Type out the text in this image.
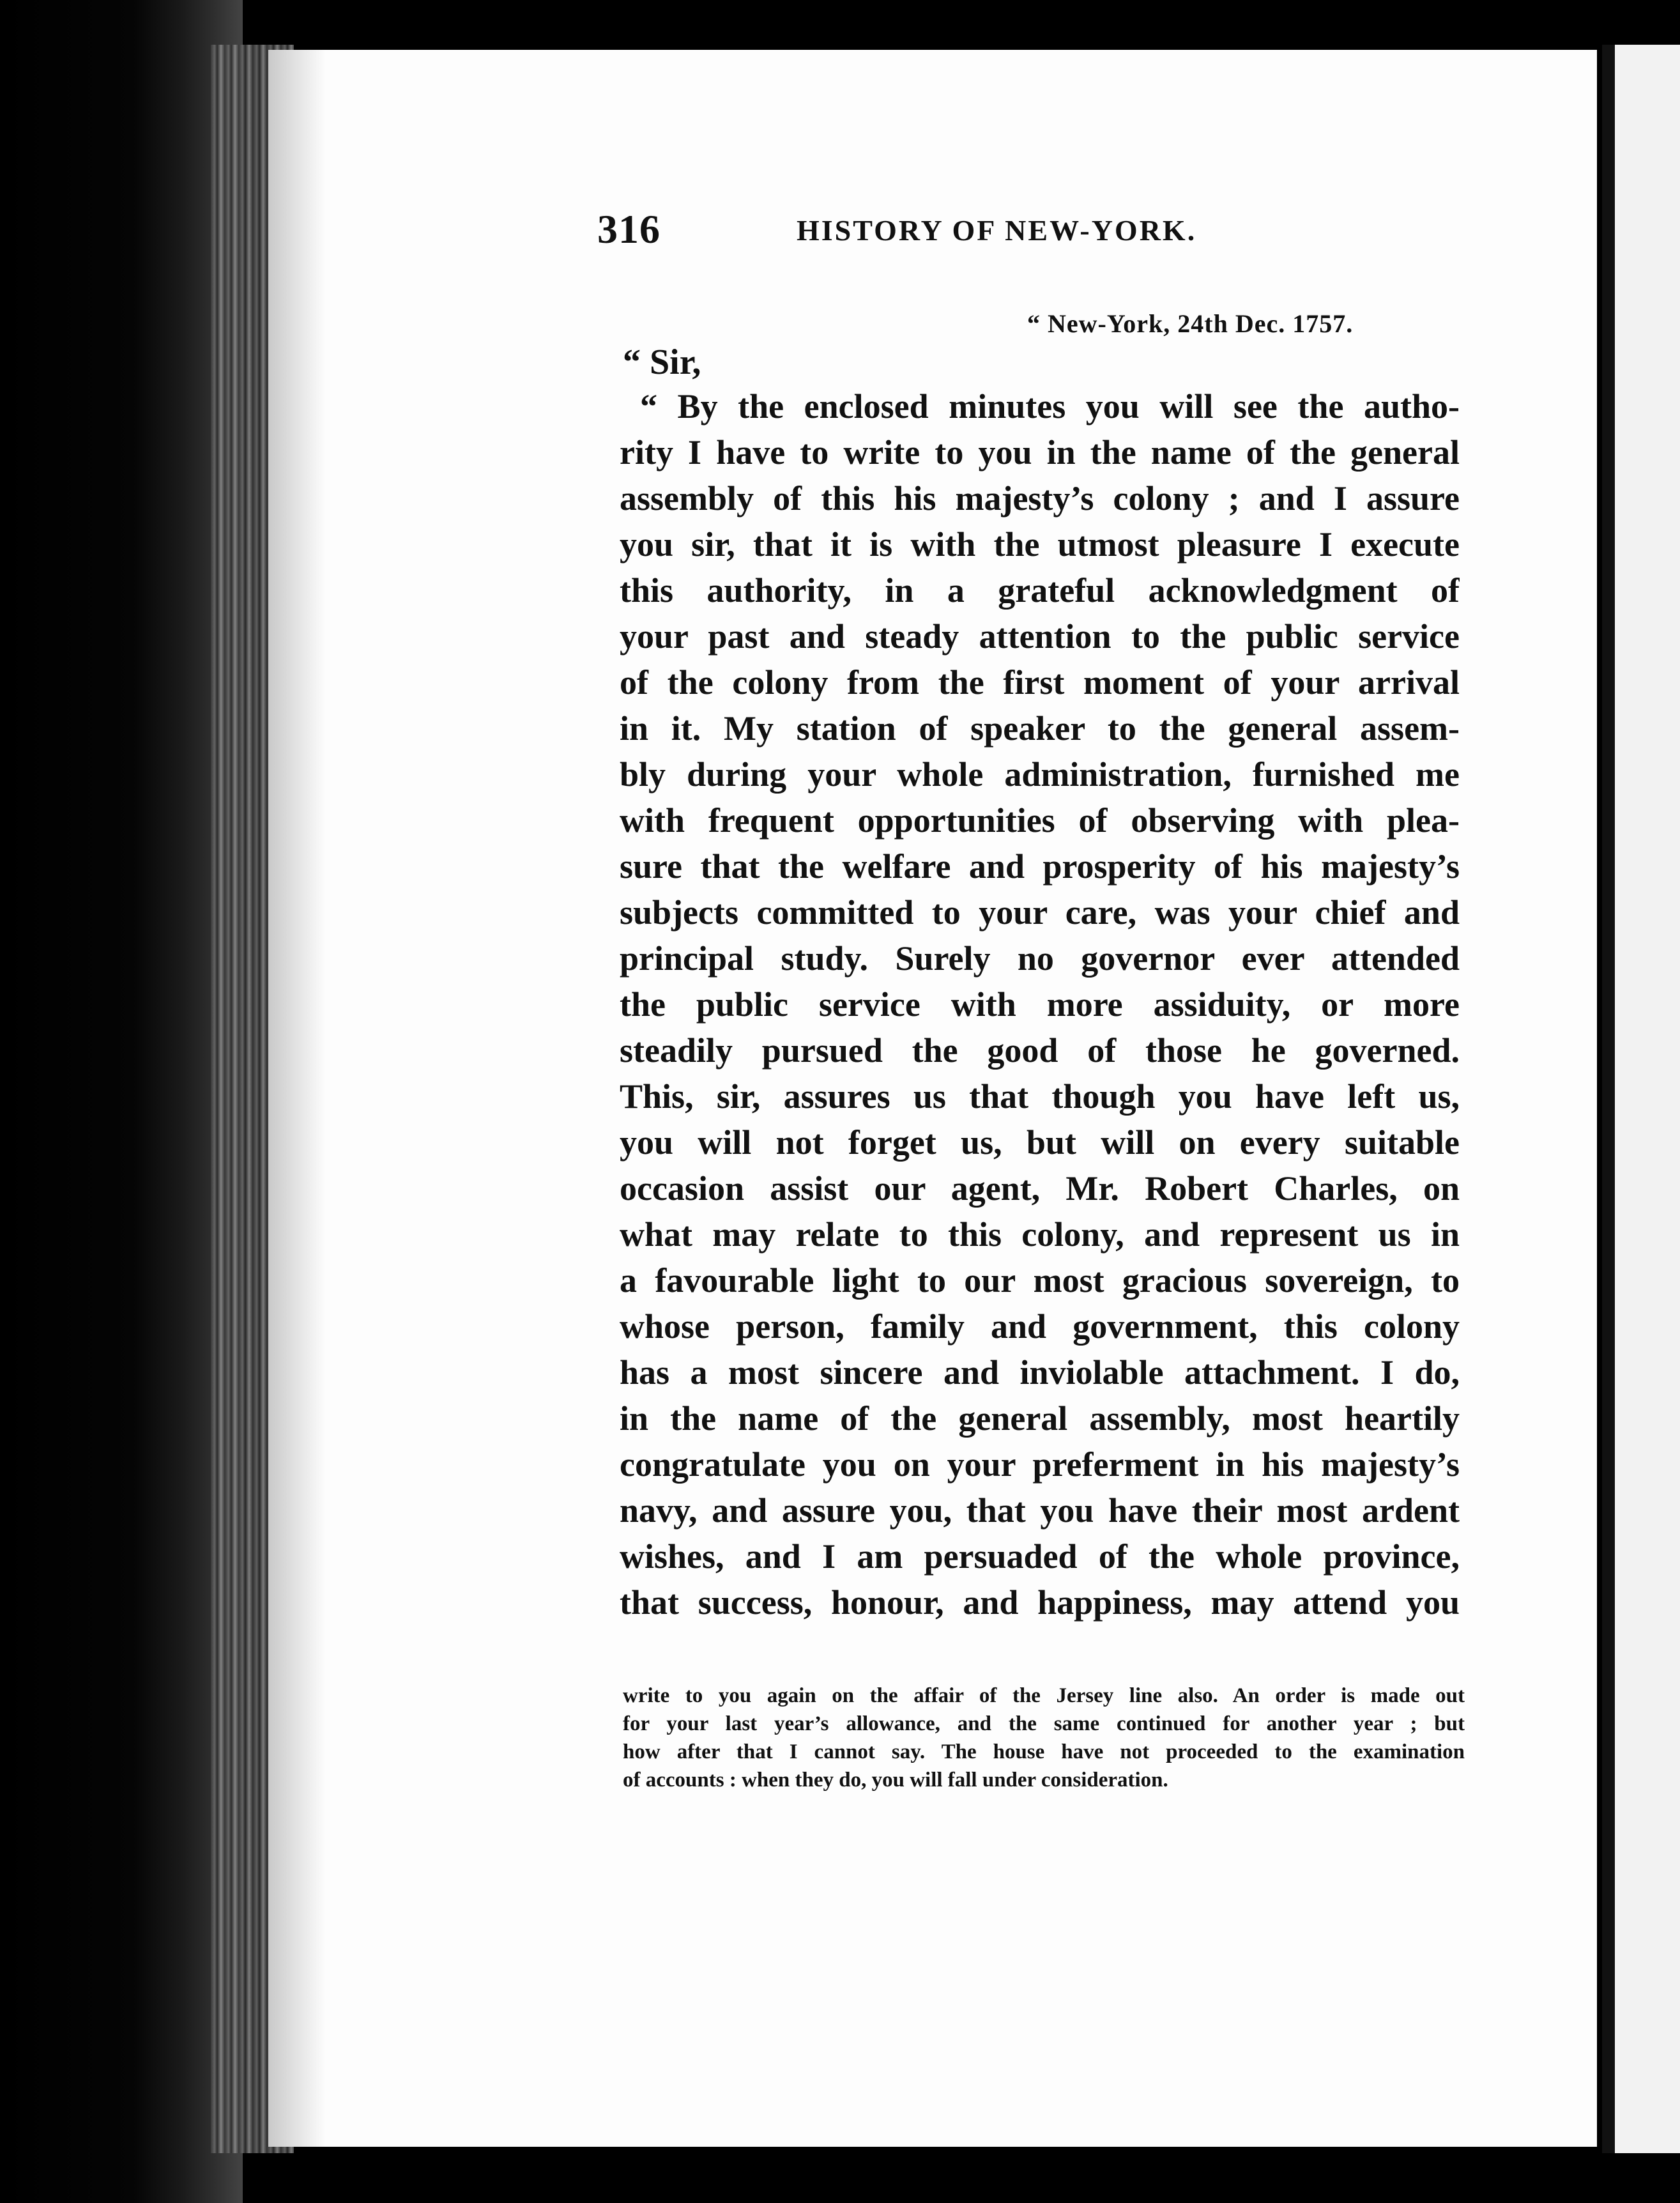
316	HISTORY OF NEW-YORK.
“ New-York, 24th Dec. 1757.
“ Sir,
“ By the enclosed minutes you will see the autho-
rity I have to write to you in the name of the general
assembly of this his majesty’s colony ; and I assure
you sir, that it is with the utmost pleasure I execute
this authority, in a grateful acknowledgment of
your past and steady attention to the public service
of the colony from the first moment of your arrival
in it. My station of speaker to the general assem-
bly during your whole administration, furnished me
with frequent opportunities of observing with plea-
sure that the welfare and prosperity of his majesty’s
subjects committed to your care, was your chief and
principal study. Surely no governor ever attended
the public service with more assiduity, or more
steadily pursued the good of those he governed.
This, sir, assures us that though you have left us,
you will not forget us, but will on every suitable
occasion assist our agent, Mr. Robert Charles, on
what may relate to this colony, and represent us in
a favourable light to our most gracious sovereign, to
whose person, family and government, this colony
has a most sincere and inviolable attachment. I do,
in the name of the general assembly, most heartily
congratulate you on your preferment in his majesty’s
navy, and assure you, that you have their most ardent
wishes, and I am persuaded of the whole province,
that success, honour, and happiness, may attend you
write to you again on the affair of the Jersey line also. An order is made out
for your last year’s allowance, and the same continued for another year ; but
how after that I cannot say. The house have not proceeded to the examination
of accounts : when they do, you will fall under consideration.
